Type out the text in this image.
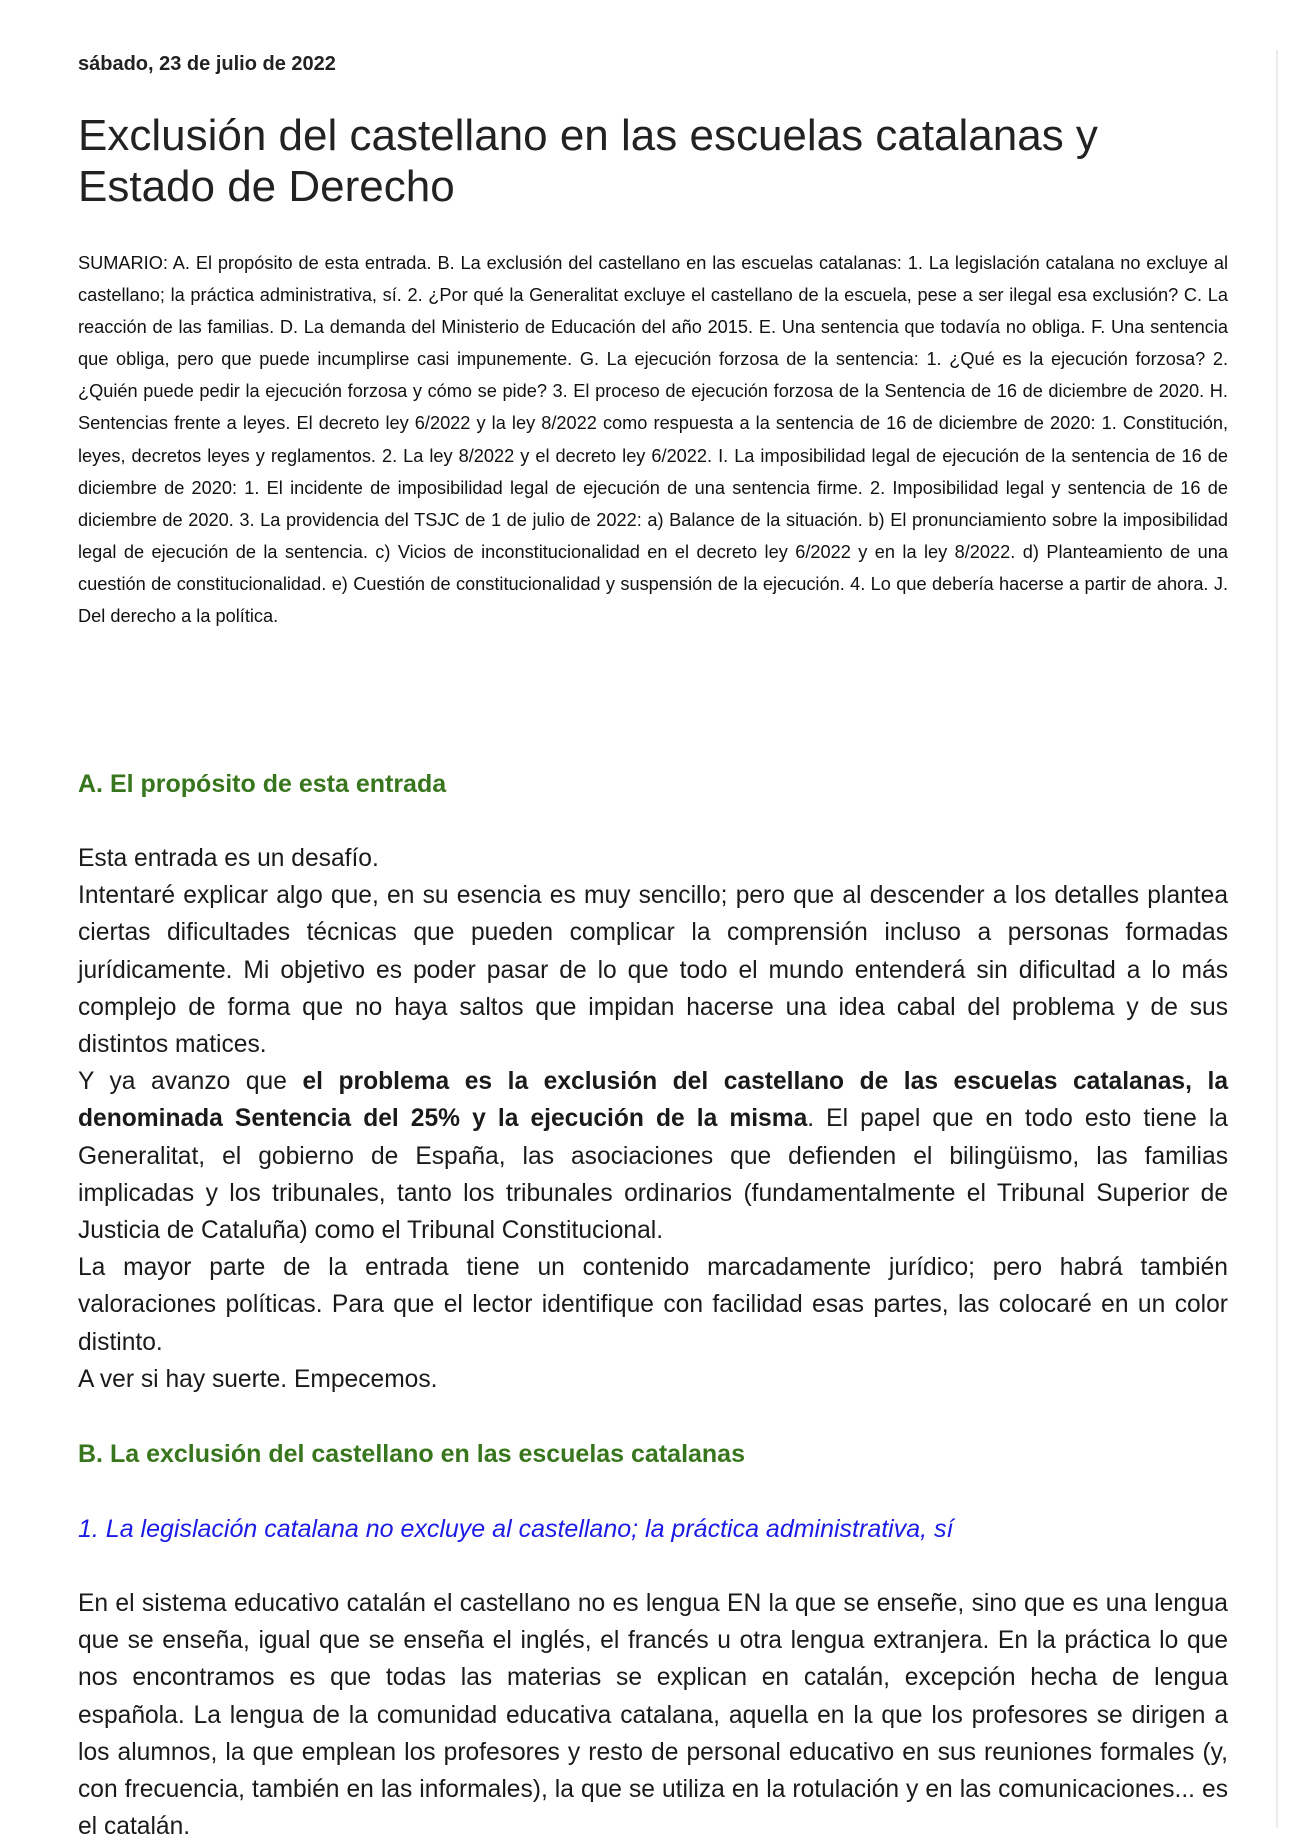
sábado, 23 de julio de 2022
Exclusión del castellano en las escuelas catalanas y Estado de Derecho

SUMARIO: A. El propósito de esta entrada. B. La exclusión del castellano en las escuelas catalanas: 1. La legislación catalana no excluye al castellano; la práctica administrativa, sí. 2. ¿Por qué la Generalitat excluye el castellano de la escuela, pese a ser ilegal esa exclusión? C. La reacción de las familias. D. La demanda del Ministerio de Educación del año 2015. E. Una sentencia que todavía no obliga. F. Una sentencia que obliga, pero que puede incumplirse casi impunemente. G. La ejecución forzosa de la sentencia: 1. ¿Qué es la ejecución forzosa? 2. ¿Quién puede pedir la ejecución forzosa y cómo se pide? 3. El proceso de ejecución forzosa de la Sentencia de 16 de diciembre de 2020. H. Sentencias frente a leyes. El decreto ley 6/2022 y la ley 8/2022 como respuesta a la sentencia de 16 de diciembre de 2020: 1. Constitución, leyes, decretos leyes y reglamentos. 2. La ley 8/2022 y el decreto ley 6/2022. I. La imposibilidad legal de ejecución de la sentencia de 16 de diciembre de 2020: 1. El incidente de imposibilidad legal de ejecución de una sentencia firme. 2. Imposibilidad legal y sentencia de 16 de diciembre de 2020. 3. La providencia del TSJC de 1 de julio de 2022: a) Balance de la situación. b) El pronunciamiento sobre la imposibilidad legal de ejecución de la sentencia. c) Vicios de inconstitucionalidad en el decreto ley 6/2022 y en la ley 8/2022. d) Planteamiento de una cuestión de constitucionalidad. e) Cuestión de constitucionalidad y suspensión de la ejecución. 4. Lo que debería hacerse a partir de ahora. J. Del derecho a la política.

A. El propósito de esta entrada

Esta entrada es un desafío.

Intentaré explicar algo que, en su esencia es muy sencillo; pero que al descender a los detalles plantea ciertas dificultades técnicas que pueden complicar la comprensión incluso a personas formadas jurídicamente. Mi objetivo es poder pasar de lo que todo el mundo entenderá sin dificultad a lo más complejo de forma que no haya saltos que impidan hacerse una idea cabal del problema y de sus distintos matices.

Y ya avanzo que el problema es la exclusión del castellano de las escuelas catalanas, la denominada Sentencia del 25% y la ejecución de la misma. El papel que en todo esto tiene la Generalitat, el gobierno de España, las asociaciones que defienden el bilingüismo, las familias implicadas y los tribunales, tanto los tribunales ordinarios (fundamentalmente el Tribunal Superior de Justicia de Cataluña) como el Tribunal Constitucional.

La mayor parte de la entrada tiene un contenido marcadamente jurídico; pero habrá también valoraciones políticas. Para que el lector identifique con facilidad esas partes, las colocaré en un color distinto.

A ver si hay suerte. Empecemos.

B. La exclusión del castellano en las escuelas catalanas
1. La legislación catalana no excluye al castellano; la práctica administrativa, sí

En el sistema educativo catalán el castellano no es lengua EN la que se enseñe, sino que es una lengua que se enseña, igual que se enseña el inglés, el francés u otra lengua extranjera. En la práctica lo que nos encontramos es que todas las materias se explican en catalán, excepción hecha de lengua española. La lengua de la comunidad educativa catalana, aquella en la que los profesores se dirigen a los alumnos, la que emplean los profesores y resto de personal educativo en sus reuniones formales (y, con frecuencia, también en las informales), la que se utiliza en la rotulación y en las comunicaciones... es el catalán.
